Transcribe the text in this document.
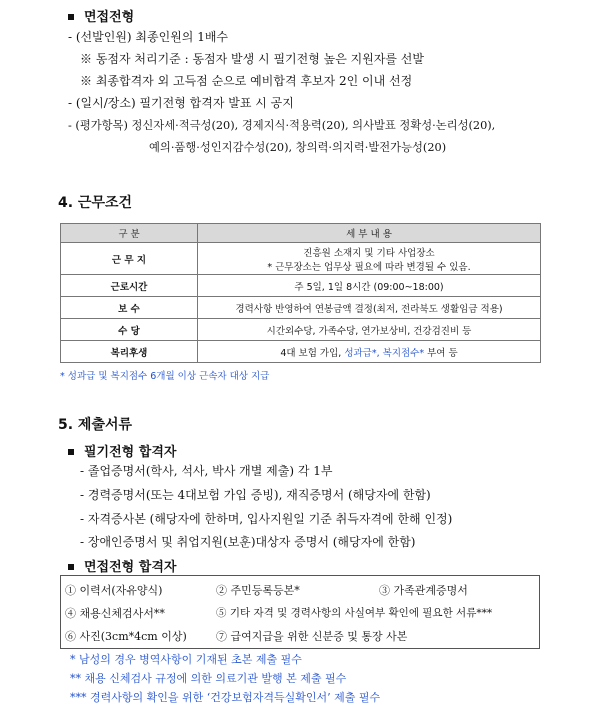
면접전형
- (선발인원) 최종인원의 1배수
※ 동점자 처리기준 : 동점자 발생 시 필기전형 높은 지원자를 선발
※ 최종합격자 외 고득점 순으로 예비합격 후보자 2인 이내 선정
- (일시/장소) 필기전형 합격자 발표 시 공지
- (평가항목) 정신자세·적극성(20), 경제지식·적용력(20), 의사발표 정확성·논리성(20),
예의·품행·성인지감수성(20), 창의력·의지력·발전가능성(20)
4. 근무조건
구 분	세 부 내 용
근 무 지	진흥원 소재지 및 기타 사업장소
* 근무장소는 업무상 필요에 따라 변경될 수 있음.

근로시간	주 5일, 1일 8시간 (09:00~18:00)
보 수	경력사항 반영하여 연봉금액 결정(최저, 전라북도 생활임금 적용)
수 당	시간외수당, 가족수당, 연가보상비, 건강검진비 등
복리후생	4대 보험 가입, 성과급*, 복지점수* 부여 등
* 성과급 및 복지점수 6개월 이상 근속자 대상 지급
5. 제출서류
필기전형 합격자
- 졸업증명서(학사, 석사, 박사 개별 제출) 각 1부
- 경력증명서(또는 4대보험 가입 증빙), 재직증명서 (해당자에 한함)
- 자격증사본 (해당자에 한하며, 입사지원일 기준 취득자격에 한해 인정)
- 장애인증명서 및 취업지원(보훈)대상자 증명서 (해당자에 한함)
면접전형 합격자
① 이력서(자유양식)	② 주민등록등본*	③ 가족관계증명서
④ 채용신체검사서**	⑤ 기타 자격 및 경력사항의 사실여부 확인에 필요한 서류***
⑥ 사진(3cm*4cm 이상)	⑦ 급여지급을 위한 신분증 및 통장 사본
* 남성의 경우 병역사항이 기재된 초본 제출 필수
** 채용 신체검사 규정에 의한 의료기관 발행 본 제출 필수
*** 경력사항의 확인을 위한 ‘건강보험자격득실확인서’ 제출 필수
